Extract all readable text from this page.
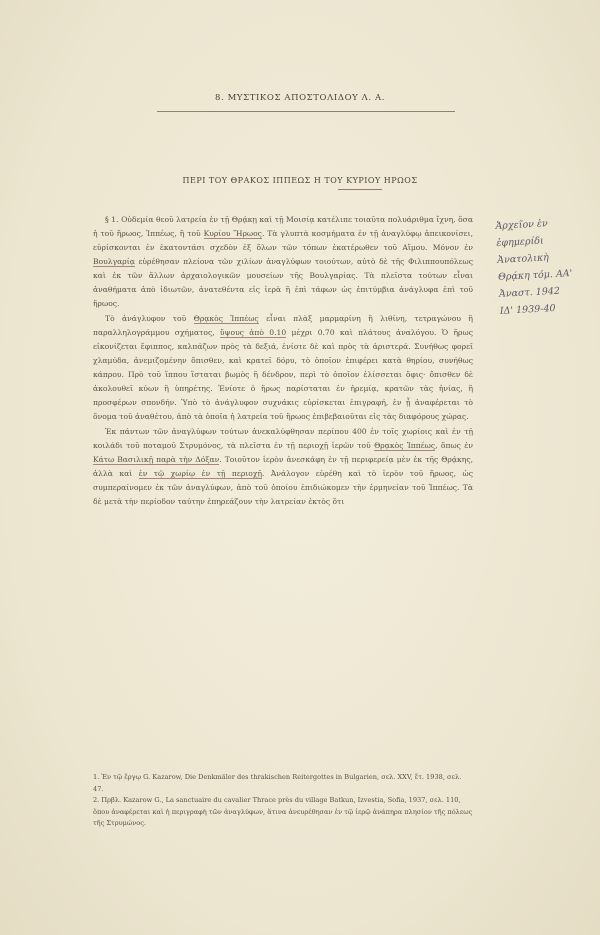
8. ΜΥΣΤΙΚΟΣ ΑΠΟΣΤΟΛΙΔΟΥ Λ. Α.
ΠΕΡΙ ΤΟΥ ΘΡΑΚΟΣ ΙΠΠΕΩΣ Η ΤΟΥ ΚΥΡΙΟΥ ΗΡΩΟΣ

§ 1. Οὐδεμία θεοῦ λατρεία ἐν τῇ Θρᾴκῃ καὶ τῇ Μοισίᾳ κατέλιπε τοιαῦτα πολυάριθμα ἴχνη, ὅσα ἡ τοῦ ἥρωος, Ἱππέως, ἢ τοῦ Κυρίου Ἥρωος. Τὰ γλυπτὰ κοσμήματα ἐν τῇ ἀναγλύφῳ ἀπεικονίσει, εὑρίσκονται ἐν ἑκατοντάσι σχεδὸν ἐξ ὅλων τῶν τόπων ἑκατέρωθεν τοῦ Αἵμου. Μόνον ἐν Βουλγαρίᾳ εὑρέθησαν πλείονα τῶν χιλίων ἀναγλύφων τοιούτων, αὐτὸ δὲ τῆς Φιλιππουπόλεως καὶ ἐκ τῶν ἄλλων ἀρχαιολογικῶν μουσείων τῆς Βουλγαρίας. Τὰ πλεῖστα τούτων εἶναι ἀναθήματα ἀπὸ ἰδιωτῶν, ἀνατεθέντα εἰς ἱερὰ ἢ ἐπὶ τάφων ὡς ἐπιτύμβια ἀνάγλυφα ἐπὶ τοῦ ἥρωος.

Τὸ ἀνάγλυφον τοῦ Θρᾳκὸς Ἱππέως εἶναι πλὰξ μαρμαρίνη ἢ λιθίνη, τετραγώνου ἢ παραλληλογράμμου σχήματος, ὕψους ἀπὸ 0.10 μέχρι 0.70 καὶ πλάτους ἀναλόγου. Ὁ ἥρως εἰκονίζεται ἔφιππος, καλπάζων πρὸς τὰ δεξιά, ἐνίοτε δὲ καὶ πρὸς τὰ ἀριστερά. Συνήθως φορεῖ χλαμύδα, ἀνεμιζομένην ὄπισθεν, καὶ κρατεῖ δόρυ, τὸ ὁποῖον ἐπιφέρει κατὰ θηρίου, συνήθως κάπρου. Πρὸ τοῦ ἵππου ἵσταται βωμὸς ἢ δένδρον, περὶ τὸ ὁποῖον ἑλίσσεται ὄφις· ὄπισθεν δὲ ἀκολουθεῖ κύων ἢ ὑπηρέτης. Ἐνίοτε ὁ ἥρως παρίσταται ἐν ἠρεμίᾳ, κρατῶν τὰς ἡνίας, ἢ προσφέρων σπονδήν. Ὑπὸ τὸ ἀνάγλυφον συχνάκις εὑρίσκεται ἐπιγραφή, ἐν ᾗ ἀναφέρεται τὸ ὄνομα τοῦ ἀναθέτου, ἀπὸ τὰ ὁποῖα ἡ λατρεία τοῦ ἥρωος ἐπιβεβαιοῦται εἰς τὰς διαφόρους χώρας.

Ἐκ πάντων τῶν ἀναγλύφων τούτων ἀνεκαλύφθησαν περίπου 400 ἐν τοῖς χωρίοις καὶ ἐν τῇ κοιλάδι τοῦ ποταμοῦ Στρυμόνος, τὰ πλεῖστα ἐν τῇ περιοχῇ ἱερῶν τοῦ Θρᾳκὸς Ἱππέως, ὅπως ἐν Κάτω Βασιλικῇ παρὰ τὴν Δόξαν. Τοιοῦτον ἱερὸν ἀνεσκάφη ἐν τῇ περιφερείᾳ μὲν ἐκ τῆς Θρᾴκης, ἀλλὰ καὶ ἐν τῷ χωρίῳ ἐν τῇ περιοχῇ. Ἀνάλογον εὑρέθη καὶ τὸ ἱερὸν τοῦ ἥρωος, ὡς συμπεραίνομεν ἐκ τῶν ἀναγλύφων, ἀπὸ τοῦ ὁποίου ἐπιδιώκομεν τὴν ἐρμηνείαν τοῦ Ἱππέως. Τὰ δὲ μετὰ τὴν περίοδον ταύτην ἐπηρεάζουν τὴν λατρείαν ἐκτὸς ὅτι

1. Ἐν τῷ ἔργῳ G. Kazarow, Die Denkmäler des thrakischen Reitergottes in Bulgarien, σελ. XXV, ἔτ. 1938, σελ. 47.
2. Πρβλ. Kazarow G., La sanctuaire du cavalier Thrace près du village Batkun, Izvestia, Sofia, 1937, σελ. 110, ὅπου ἀναφέρεται καὶ ἡ περιγραφὴ τῶν ἀναγλύφων, ἅτινα ἀνευρέθησαν ἐν τῷ ἱερῷ ἀνάπηρα πλησίον τῆς πόλεως τῆς Στρυμώνος.
Ἀρχεῖον ἐν
ἐφημερίδι
Ἀνατολικὴ
Θρᾴκη τόμ. ΑΑ'
Ἀναστ. 1942
ΙΔ' 1939-40
